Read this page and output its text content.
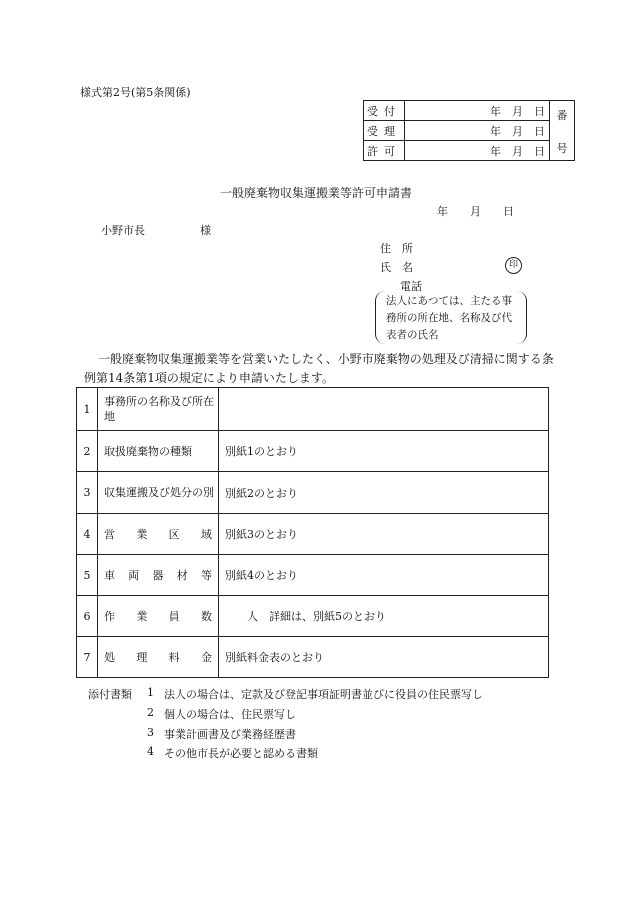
様式第2号(第5条関係)
受付	年　月　日	番
号

受理	年　月　日	
許可	年　月　日	
一般廃棄物収集運搬業等許可申請書
年　　月　　日
小野市長　　　　　様
住　所
氏　名	印
電話
法人にあつては、主たる事務所の所在地、名称及び代表者の氏名
一般廃棄物収集運搬業等を営業いたしたく、小野市廃棄物の処理及び清掃に関する条例第14条第1項の規定により申請いたします。
1	事務所の名称及び所在地	
2	取扱廃棄物の種類	別紙1のとおり
3	収集運搬及び処分の別	別紙2のとおり
4	営 業 区 域	別紙3のとおり
5	車 両 器 材 等	別紙4のとおり
6	作 業 員 数	人　詳細は、別紙5のとおり
7	処 理 料 金	別紙料金表のとおり
添付書類 1 法人の場合は、定款及び登記事項証明書並びに役員の住民票写し
2 個人の場合は、住民票写し
3 事業計画書及び業務経歴書
4 その他市長が必要と認める書類
